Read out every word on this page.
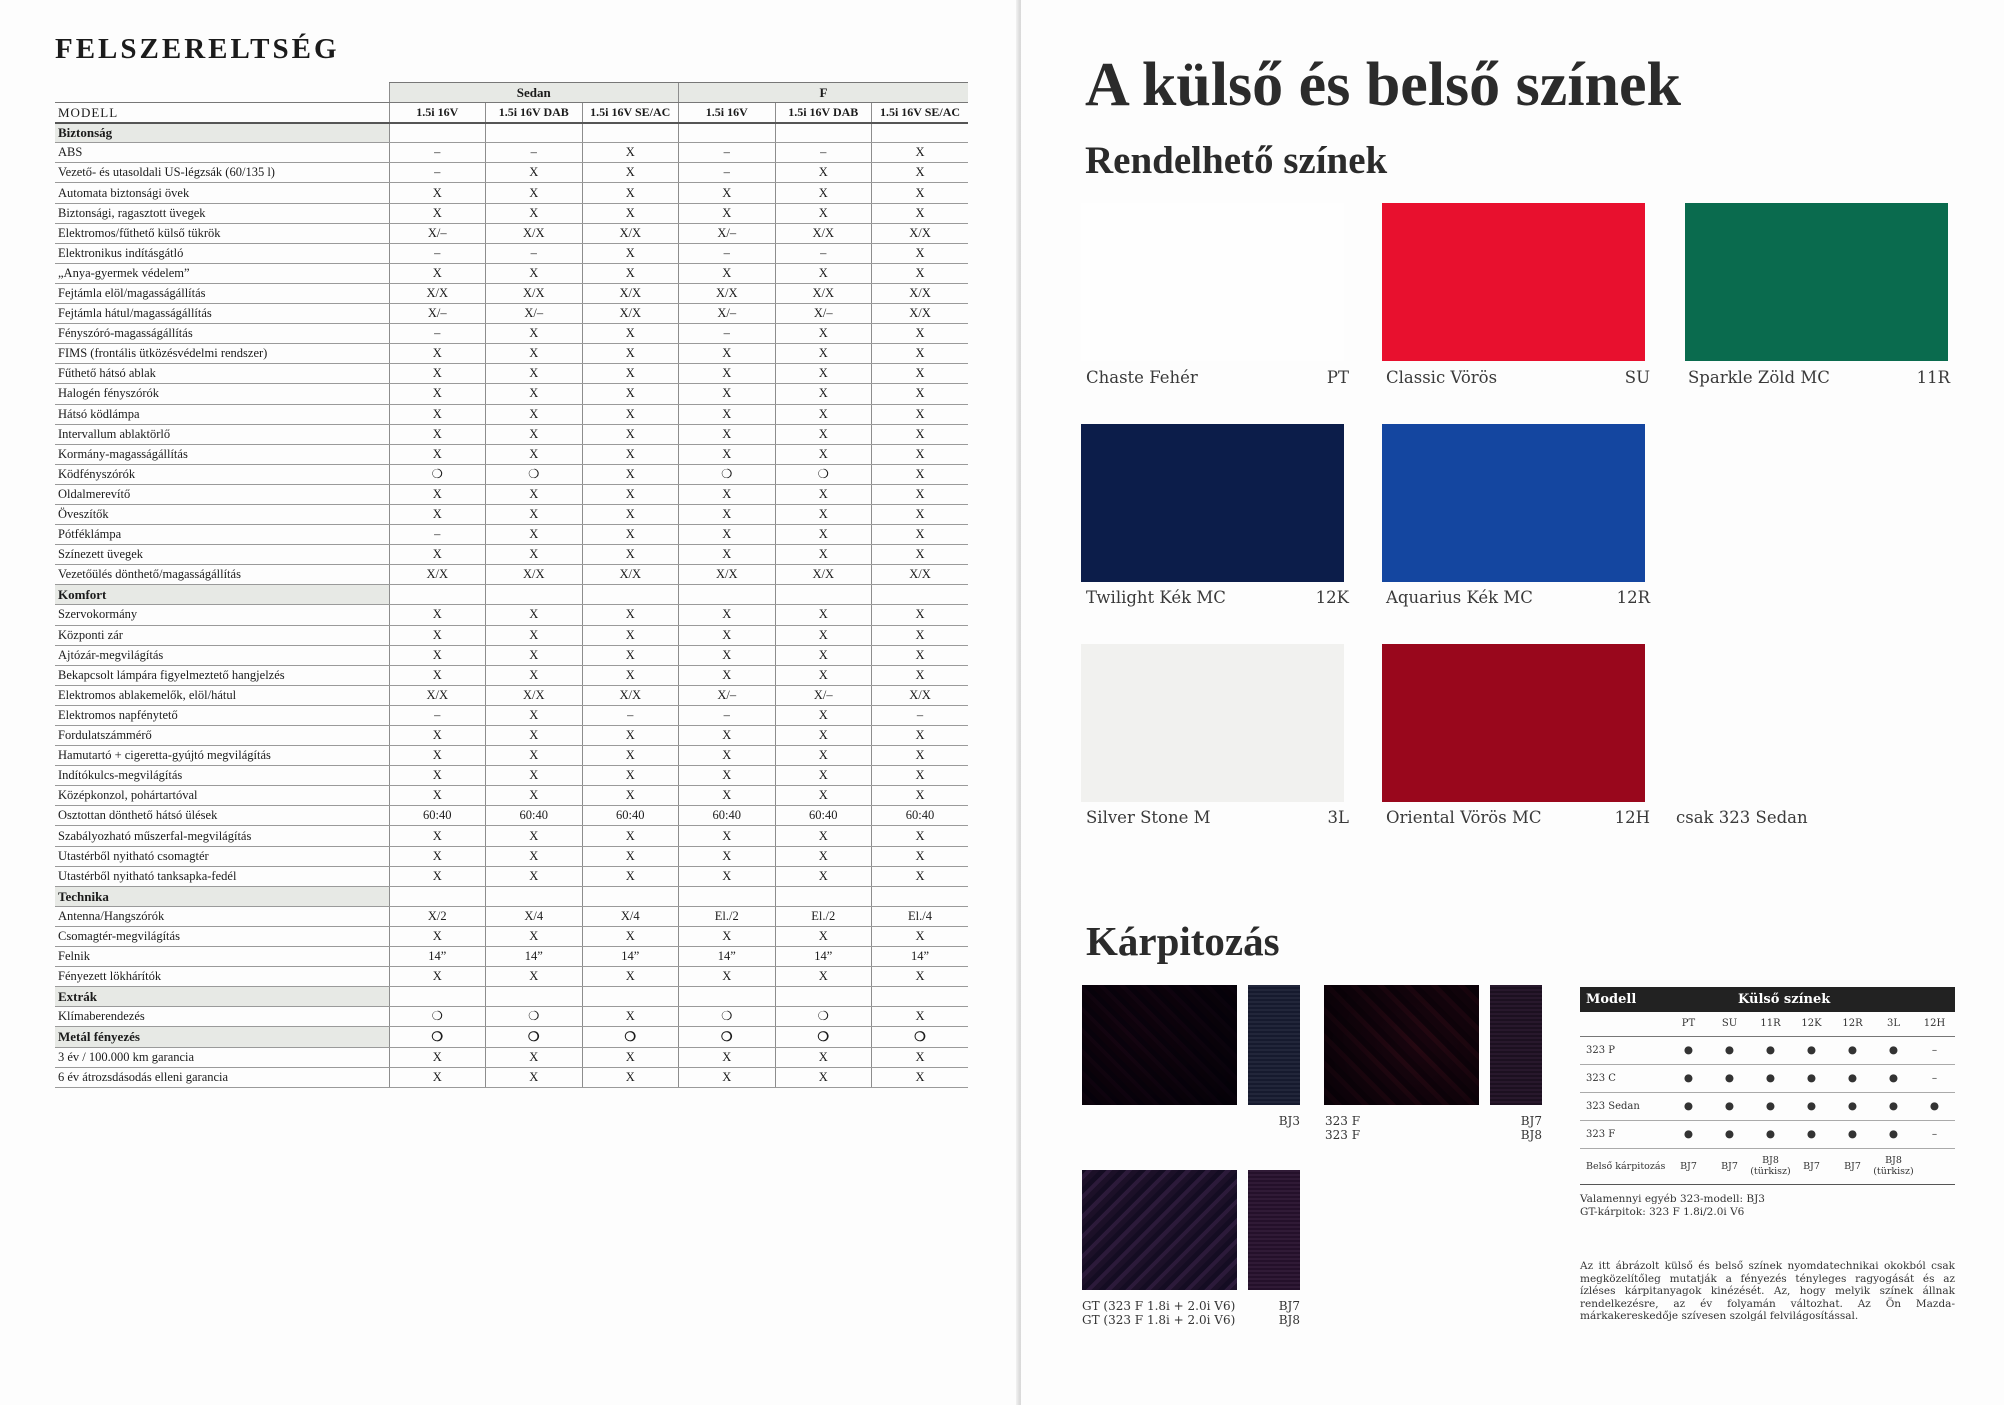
FELSZERELTSÉG
	Sedan			F		
MODELL	1.5i 16V	1.5i 16V DAB	1.5i 16V SE/AC	1.5i 16V	1.5i 16V DAB	1.5i 16V SE/AC
Biztonság						
ABS	–	–	X	–	–	X
Vezető- és utasoldali US-légzsák (60/135 l)	–	X	X	–	X	X
Automata biztonsági övek	X	X	X	X	X	X
Biztonsági, ragasztott üvegek	X	X	X	X	X	X
Elektromos/fűthető külső tükrök	X/–	X/X	X/X	X/–	X/X	X/X
Elektronikus indításgátló	–	–	X	–	–	X
„Anya-gyermek védelem”	X	X	X	X	X	X
Fejtámla elöl/magasságállítás	X/X	X/X	X/X	X/X	X/X	X/X
Fejtámla hátul/magasságállítás	X/–	X/–	X/X	X/–	X/–	X/X
Fényszóró-magasságállítás	–	X	X	–	X	X
FIMS (frontális ütközésvédelmi rendszer)	X	X	X	X	X	X
Fűthető hátsó ablak	X	X	X	X	X	X
Halogén fényszórók	X	X	X	X	X	X
Hátsó ködlámpa	X	X	X	X	X	X
Intervallum ablaktörlő	X	X	X	X	X	X
Kormány-magasságállítás	X	X	X	X	X	X
Ködfényszórók	❍	❍	X	❍	❍	X
Oldalmerevítő	X	X	X	X	X	X
Öveszítők	X	X	X	X	X	X
Pótféklámpa	–	X	X	X	X	X
Színezett üvegek	X	X	X	X	X	X
Vezetőülés dönthető/magasságállítás	X/X	X/X	X/X	X/X	X/X	X/X
Komfort						
Szervokormány	X	X	X	X	X	X
Központi zár	X	X	X	X	X	X
Ajtózár-megvilágítás	X	X	X	X	X	X
Bekapcsolt lámpára figyelmeztető hangjelzés	X	X	X	X	X	X
Elektromos ablakemelők, elöl/hátul	X/X	X/X	X/X	X/–	X/–	X/X
Elektromos napfénytető	–	X	–	–	X	–
Fordulatszámmérő	X	X	X	X	X	X
Hamutartó + cigeretta-gyújtó megvilágítás	X	X	X	X	X	X
Indítókulcs-megvilágítás	X	X	X	X	X	X
Középkonzol, pohártartóval	X	X	X	X	X	X
Osztottan dönthető hátsó ülések	60:40	60:40	60:40	60:40	60:40	60:40
Szabályozható műszerfal-megvilágítás	X	X	X	X	X	X
Utastérből nyitható csomagtér	X	X	X	X	X	X
Utastérből nyitható tanksapka-fedél	X	X	X	X	X	X
Technika						
Antenna/Hangszórók	X/2	X/4	X/4	El./2	El./2	El./4
Csomagtér-megvilágítás	X	X	X	X	X	X
Felnik	14”	14”	14”	14”	14”	14”
Fényezett lökhárítók	X	X	X	X	X	X
Extrák						
Klímaberendezés	❍	❍	X	❍	❍	X
Metál fényezés	❍	❍	❍	❍	❍	❍
3 év / 100.000 km garancia	X	X	X	X	X	X
6 év átrozsdásodás elleni garancia	X	X	X	X	X	X
A külső és belső színek
Rendelhető színek
Chaste Fehér	PT Classic Vörös	SU Sparkle Zöld MC	11R
Twilight Kék MC	12K Aquarius Kék MC	12R
Silver Stone M	3L Oriental Vörös MC	12H csak 323 Sedan
Kárpitozás
BJ3 323 F
323 F
BJ7
BJ8
GT (323 F 1.8i + 2.0i V6)
GT (323 F 1.8i + 2.0i V6)
BJ7
BJ8
Modell	Külső színek						
	PT	SU	11R	12K	12R	3L	12H
323 P	●	●	●	●	●	●	–
323 C	●	●	●	●	●	●	–
323 Sedan	●	●	●	●	●	●	●
323 F	●	●	●	●	●	●	–
Belső kárpitozás	BJ7	BJ7	BJ8 (türkisz)	BJ7	BJ7	BJ8 (türkisz)	
Valamennyi egyéb 323-modell: BJ3
GT-kárpitok: 323 F 1.8i/2.0i V6
Az itt ábrázolt külső és belső színek nyomdatechnikai okokból csak megközelítőleg mutatják a fényezés tényleges ragyogását és az ízléses kárpitanyagok kinézését. Az, hogy melyik színek állnak rendelkezésre, az év folyamán változhat. Az Ön Mazda-márkakereskedője szívesen szolgál felvilágosítással.
